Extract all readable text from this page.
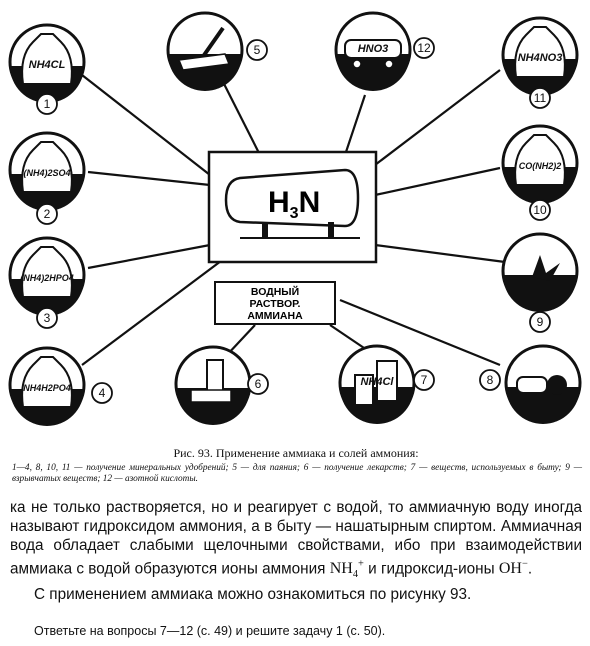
$H_3N$
ВОДНЫЙ
РАСТВОР.
АММИАНА
NH4CL
1
(NH4)2SO4
2
(NH4)2HPO4
3
NH4H2PO4 4
5
6	NH4Cl 7	8
9
CO(NH2)2
10
NH4NO3
11
HNO3 12
Рис. 93. Применение аммиака и солей аммония:
1—4, 8, 10, 11 — получение минеральных удобрений; 5 — для паяния; 6 — получение лекарств; 7 — веществ, используемых в быту; 9 — взрывчатых веществ; 12 — азотной кислоты.

ка не только растворяется, но и реагирует с водой, то аммиачную воду иногда называют гидроксидом аммония, а в быту — нашатырным спиртом. Аммиачная вода обладает слабыми щелочными свойствами, ибо при взаимодействии аммиака с водой образуются ионы аммония $NH_4^+$ и гидроксид-ионы OH−.

С применением аммиака можно ознакомиться по рисунку 93.

Ответьте на вопросы 7—12 (с. 49) и решите задачу 1 (с. 50).
